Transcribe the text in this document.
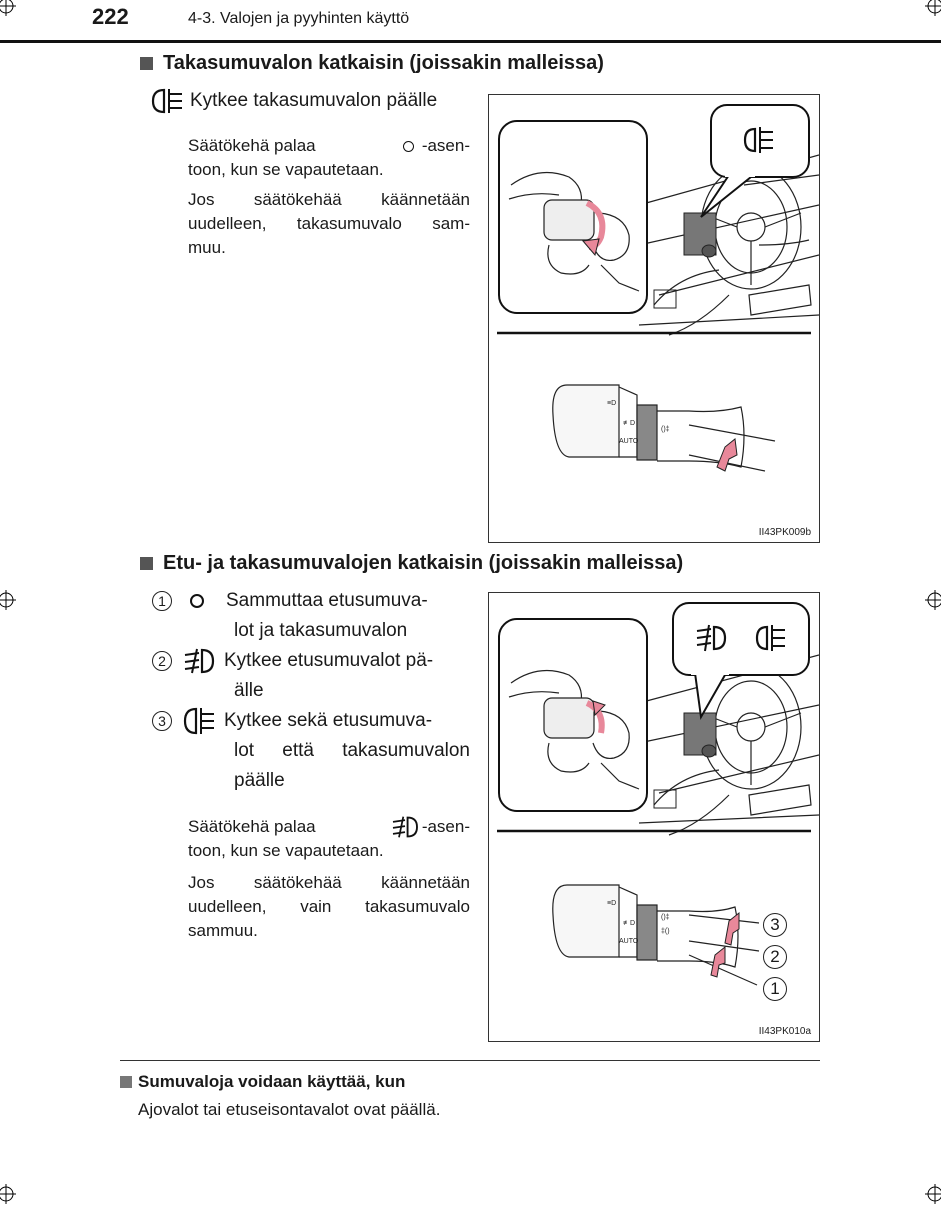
222	4-3. Valojen ja pyyhinten käyttö
Takasumuvalon katkaisin (joissakin malleissa)
Kytkee takasumuvalon päälle
Säätökehä palaa	-asen-
toon, kun se vapautetaan.
Jos säätökehää käännetään
uudelleen, takasumuvalo sam-
muu.
≡D
≢D
AUTO
()‡
II43PK009b
Etu- ja takasumuvalojen katkaisin (joissakin malleissa)
1	Sammuttaa etusumuva-
lot ja takasumuvalon
2	Kytkee etusumuvalot pä-
älle
3	Kytkee sekä etusumuva-
lot että takasumuvalon
päälle
Säätökehä palaa	-asen-
toon, kun se vapautetaan.
Jos säätökehää käännetään
uudelleen, vain takasumuvalo
sammuu.
≡D
≢D
AUTO
()‡
‡()	3
2
1
II43PK010a
Sumuvaloja voidaan käyttää, kun
Ajovalot tai etuseisontavalot ovat päällä.
